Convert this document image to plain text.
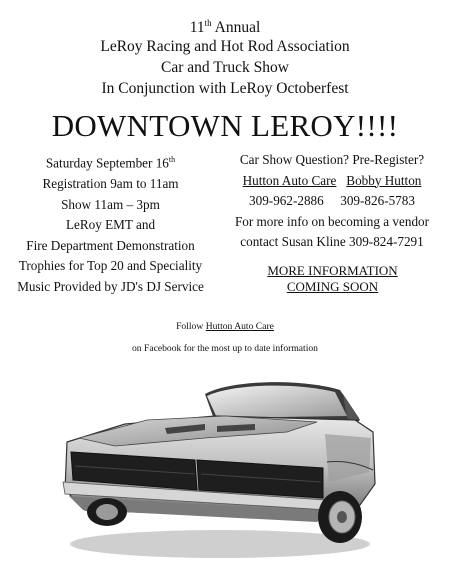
11th Annual
LeRoy Racing and Hot Rod Association
Car and Truck Show
In Conjunction with LeRoy Octoberfest
DOWNTOWN LEROY!!!!
Saturday September 16th
Registration 9am to 11am
Show 11am – 3pm
LeRoy EMT and
Fire Department Demonstration
Trophies for Top 20 and Speciality
Music Provided by JD's DJ Service
Car Show Question? Pre-Register?
Hutton Auto Care Bobby Hutton
309-962-2886 309-826-5783
For more info on becoming a vendor
contact Susan Kline 309-824-7291
MORE INFORMATION
COMING SOON
Follow Hutton Auto Care
on Facebook for the most up to date information
